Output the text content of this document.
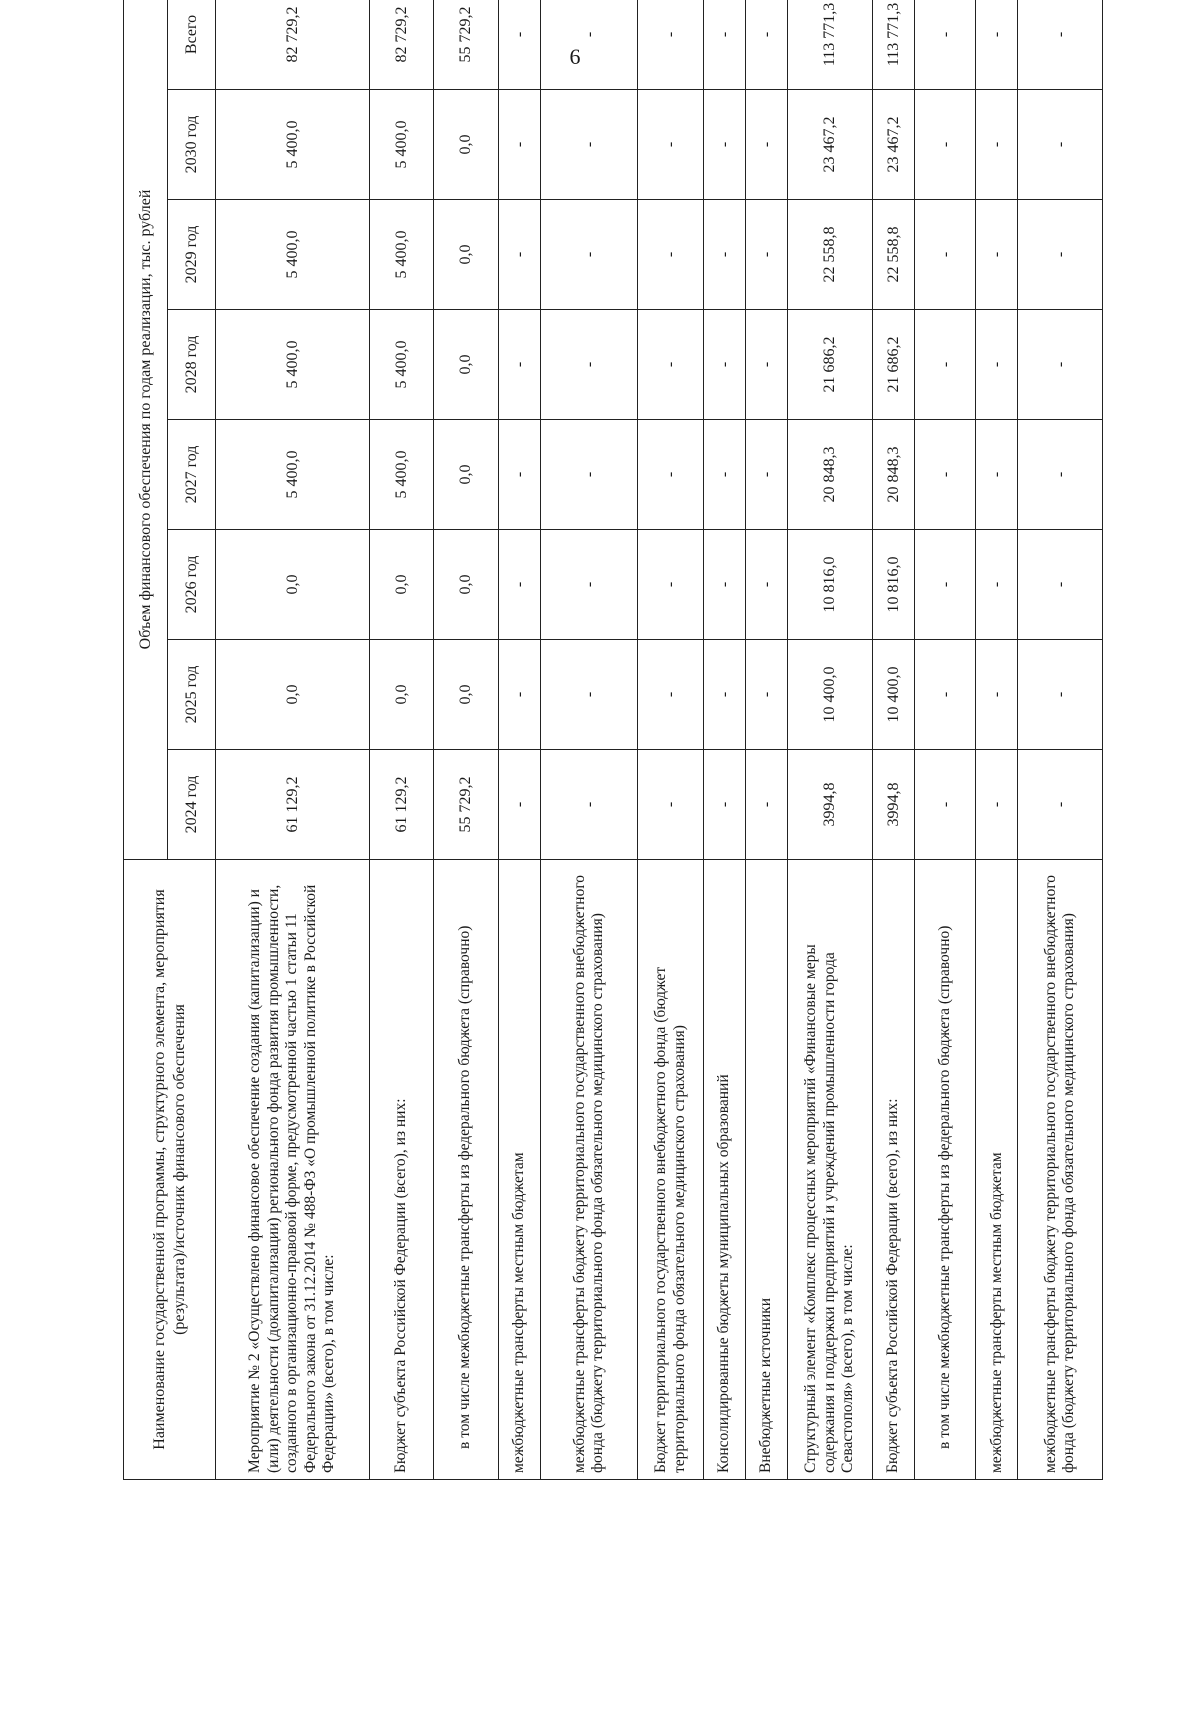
6
Наименование государственной программы, структурного элемента, мероприятия (результата)/источник финансового обеспечения	Объем финансового обеспечения по годам реализации, тыс. рублей							
	2024 год	2025 год	2026 год	2027 год	2028 год	2029 год	2030 год	Всего
Мероприятие № 2 «Осуществлено финансовое обеспечение создания (капитализации) и (или) деятельности (докапитализации) регионального фонда развития промышленности, созданного в организационно-правовой форме, предусмотренной частью 1 статьи 11 Федерального закона от 31.12.2014 № 488-ФЗ «О промышленной политике в Российской Федерации» (всего), в том числе:	61 129,2	0,0	0,0	5 400,0	5 400,0	5 400,0	5 400,0	82 729,2
Бюджет субъекта Российской Федерации (всего), из них:	61 129,2	0,0	0,0	5 400,0	5 400,0	5 400,0	5 400,0	82 729,2
в том числе межбюджетные трансферты из федерального бюджета (справочно)	55 729,2	0,0	0,0	0,0	0,0	0,0	0,0	55 729,2
межбюджетные трансферты местным бюджетам	-	-	-	-	-	-	-	-
межбюджетные трансферты бюджету территориального государственного внебюджетного фонда (бюджету территориального фонда обязательного медицинского страхования)	-	-	-	-	-	-	-	-
Бюджет территориального государственного внебюджетного фонда (бюджет территориального фонда обязательного медицинского страхования)	-	-	-	-	-	-	-	-
Консолидированные бюджеты муниципальных образований	-	-	-	-	-	-	-	-
Внебюджетные источники	-	-	-	-	-	-	-	-
Структурный элемент «Комплекс процессных мероприятий «Финансовые меры содержания и поддержки предприятий и учреждений промышленности города Севастополя» (всего), в том числе:	3994,8	10 400,0	10 816,0	20 848,3	21 686,2	22 558,8	23 467,2	113 771,3
Бюджет субъекта Российской Федерации (всего), из них:	3994,8	10 400,0	10 816,0	20 848,3	21 686,2	22 558,8	23 467,2	113 771,3
в том числе межбюджетные трансферты из федерального бюджета (справочно)	-	-	-	-	-	-	-	-
межбюджетные трансферты местным бюджетам	-	-	-	-	-	-	-	-
межбюджетные трансферты бюджету территориального государственного внебюджетного фонда (бюджету территориального фонда обязательного медицинского страхования)	-	-	-	-	-	-	-	-
